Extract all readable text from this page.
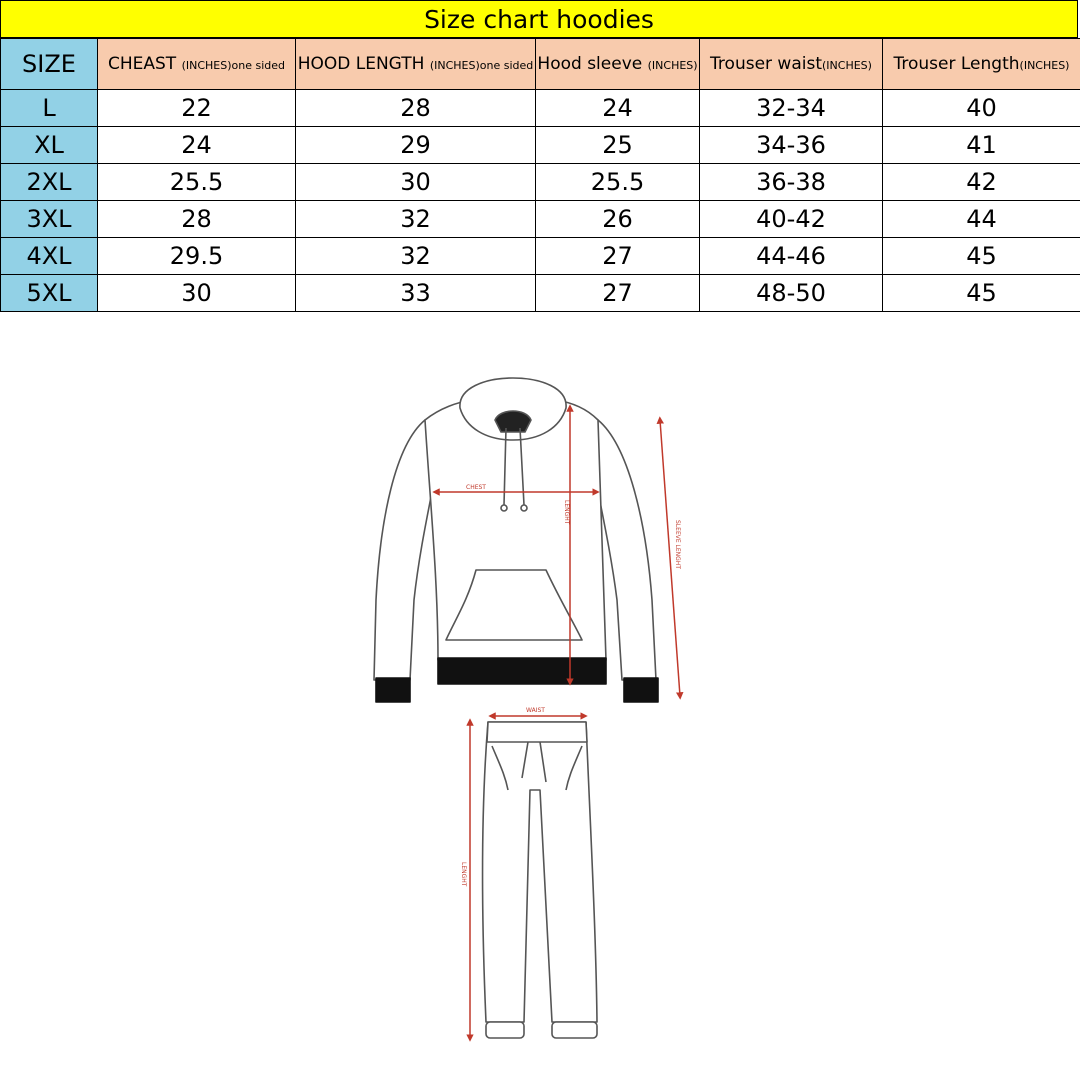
Size chart hoodies
SIZE	CHEAST (INCHES)one sided	HOOD LENGTH (INCHES)one sided	Hood sleeve (INCHES)	Trouser waist(INCHES)	Trouser Length(INCHES)
L	22	28	24	32-34	40
XL	24	29	25	34-36	41
2XL	25.5	30	25.5	36-38	42
3XL	28	32	26	40-42	44
4XL	29.5	32	27	44-46	45
5XL	30	33	27	48-50	45
CHEST
LENGHT
SLEEVE LENGHT
WAIST
LENGHT
